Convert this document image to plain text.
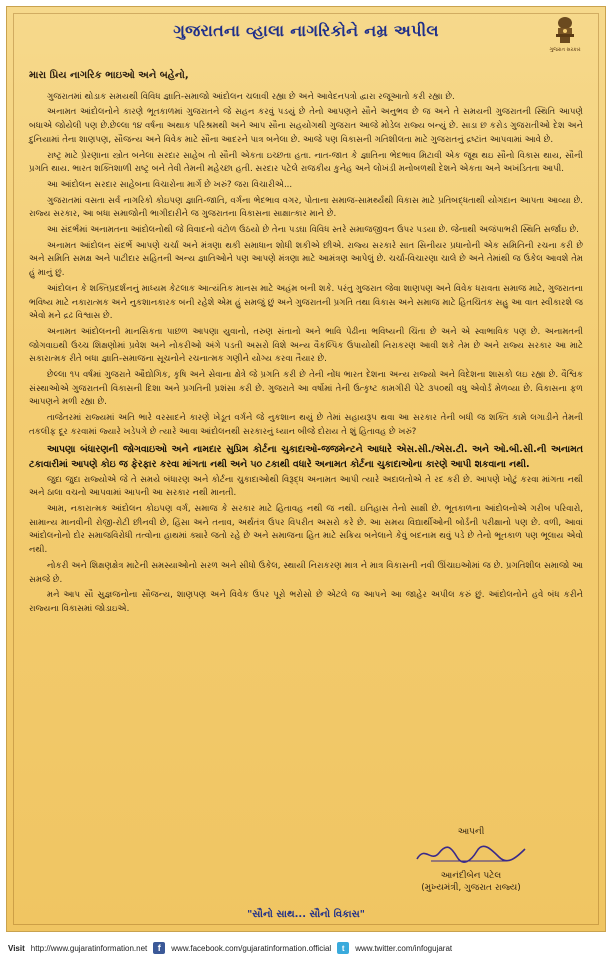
ગુજરાતના વ્હાલા નાગરિકોને નમ્ર અપીલ
ગુજરાત સરકાર
મારા પ્રિય નાગરિક ભાઇઓ અને બહેનો,

ગુજરાતમાં થોડાક સમયથી વિવિધ જ્ઞાતિ-સમાજો આંદોલન ચલાવી રહ્યા છે અને આવેદનપત્રો દ્વારા રજૂઆતો કરી રહ્યા છે.

અનામત આંદોલનોને કારણે ભૂતકાળમાં ગુજરાતને જે સહન કરવું પડયું છે તેનો આપણને સૌને અનુભવ છે જ અને તે સમયની ગુજરાતની સ્થિતિ આપણે બધાએ જોયેલી પણ છે.છેલ્લા ૧૪ વર્ષના અથાક પરિશ્રમથી અને આપ સૌના સહયોગથી ગુજરાત આજે મોડેલ રાજ્ય બન્યું છે. સાડા છ કરોડ ગુજરાતીઓ દેશ અને દુનિયામાં તેના શાણપણ, સૌજન્ય અને વિવેક માટે સૌના આદરને પાત્ર બનેલા છે. આજે પણ વિકાસની ગતિશીલતા માટે ગુજરાતનું દ્રષ્ટાંત આપવામાં આવે છે.

રાષ્ટ્ર માટે પ્રેરણાના સ્ત્રોત બનેલા સરદાર સાહેબ તો સૌની એકતા ઇચ્છતા હતા. નાત-જાત કે જ્ઞાતિના ભેદભાવ મિટાવી એક જૂથ થઇ સૌનો વિકાસ થાય, સૌની પ્રગતિ થાય. ભારત શક્તિશાળી રાષ્ટ્ર બને તેવી તેમની મહેચ્છા હતી. સરદાર પટેલે રાજકીય કુનેહ અને લોખંડી મનોબળથી દેશને એકતા અને અખંડિતતા આપી.

આ આંદોલન સરદાર સાહેબના વિચારોના માર્ગે છે ખરું? જરા વિચારીએ...

ગુજરાતમાં વસતા સર્વ નાગરિકો કોઇપણ જ્ઞાતિ-જાતિ, વર્ગના ભેદભાવ વગર, પોતાના સમાજ-સામર્થ્યથી વિકાસ માટે પ્રતિબદ્ધતાથી યોગદાન આપતા આવ્યા છે. રાજ્ય સરકાર, આ બધા સમાજોની ભાગીદારીને જ ગુજરાતના વિકાસના સાક્ષાત્કાર માને છે.

આ સંદર્ભમાં અનામતના આંદોલનોથી જે વિવાદનો વંટોળ ઉઠયો છે તેના પડઘા વિવિધ સ્તરે સમાજજીવન ઉપર પડયા છે. જેનાથી અજંપાભરી સ્થિતિ સર્જાઇ છે.

અનામત આંદોલન સંદર્ભે આપણે ચર્ચા અને મંત્રણા થકી સમાધાન શોધી શકીએ છીએ. રાજ્ય સરકારે સાત સિનીયર પ્રધાનોની એક સમિતિની રચના કરી છે અને સમિતિ સમક્ષ અને પાટીદાર સહિતની અન્ય જ્ઞાતિઓને પણ આપણે મંત્રણા માટે આમંત્રણ આપેલું છે. ચર્ચા-વિચારણા ચાલે છે અને તેમાંથી જ ઉકેલ આવશે તેમ હું માનું છું.

આંદોલન કે શક્તિપ્રદર્શનનું માધ્યમ કેટલાક આત્યંતિક માનસ માટે અહંમ બની શકે. પરંતુ ગુજરાત જેવા શાણપણ અને વિવેક ધરાવતા સમાજ માટે, ગુજરાતના ભવિષ્ય માટે નકારાત્મક અને નુકશાનકારક બની રહેશે એમ હું સમજું છું અને ગુજરાતની પ્રગતિ તથા વિકાસ અને સમાજ માટે હિતચિંતક સહુ આ વાત સ્વીકારશે જ એવો મને દ્રઢ વિશ્વાસ છે.

અનામત આંદોલનની માનસિકતા પાછળ આપણા યુવાનો, તરુણ સંતાનો અને ભાવિ પેઢીના ભવિષ્યની ચિંતા છે અને એ સ્વાભાવિક પણ છે. અનામતની જોગવાઇથી ઉચ્ચ શિક્ષણોમાં પ્રવેશ અને નોકરીઓ અંગે પડતી અસરો વિશે અન્ય વૈકલ્પિક ઉપાયોથી નિરાકરણ આવી શકે તેમ છે અને રાજ્ય સરકાર આ માટે સકારાત્મક રીતે બધા જ્ઞાતિ-સમાજના સૂચનોને રચનાત્મક ગણીને યોગ્ય કરવા તૈયાર છે.

છેલ્લા ૧૫ વર્ષમાં ગુજરાતે ઔદ્યોગિક, કૃષિ અને સેવાના ક્ષેત્રે જે પ્રગતિ કરી છે તેની નોંધ ભારત દેશના અન્ય રાજ્યો અને વિદેશના શાસકો લઇ રહ્યા છે. વૈશ્વિક સંસ્થાઓએ ગુજરાતની વિકાસની દિશા અને પ્રગતિની પ્રશંસા કરી છે. ગુજરાતે આ વર્ષોમાં તેની ઉત્કૃષ્ટ કામગીરી પેટે ૩૫૦થી વધુ એવોર્ડ મેળવ્યા છે. વિકાસના ફળ આપણને મળી રહ્યા છે.

તાજેતરમાં રાજ્યમાં અતિ ભારે વરસાદને કારણે ખેડૂત વર્ગને જે નુકશાન થયું છે તેમાં સહાયરૂપ થવા આ સરકાર તેની બધી જ શક્તિ કામે લગાડીને તેમની તકલીફ દૂર કરવામાં જ્યારે ખડેપગે છે ત્યારે આવા આંદોલનથી સરકારનું ધ્યાન બીજે દોરાય તે શું હિતાવહ છે ખરું?

આપણા બંધારણની જોગવાઇઓ અને નામદાર સુપ્રિમ કોર્ટના ચુકાદાઓ-જજમેન્ટને આધારે એસ.સી./એસ.ટી. અને ઓ.બી.સી.ની અનામત ટકાવારીમાં આપણે કોઇ જ ફેરફાર કરવા માંગતા નથી અને ૫૦ ટકાથી વધારે અનામત કોર્ટના ચુકાદાઓના કારણે આપી શકવાના નથી.

જુદા જુદા રાજ્યોએ જે તે સમયે બંધારણ અને કોર્ટના ચુકાદાઓથી વિરૂદ્ધ અનામત આપી ત્યારે અદાલતોએ તે રદ કરી છે. આપણે ખોટું કરવા માંગતા નથી અને ઠાલા વચનો આપવામાં આપની આ સરકાર નથી માનતી.

આમ, નકારાત્મક આંદોલન કોઇપણ વર્ગ, સમાજ કે સરકાર માટે હિતાવહ નથી જ નથી. ઇતિહાસ તેનો સાક્ષી છે. ભૂતકાળના આંદોલનોએ ગરીબ પરિવારો, સામાન્ય માનવીની રોજી-રોટી છીનવી છે, હિંસા અને તનાવ, અર્થતંત્ર ઉપર વિપરીત અસરો કરે છે. આ સમય વિદ્યાર્થીઓની બોર્ડની પરીક્ષાનો પણ છે. વળી, આવાં આંદોલનોનો દોર સમાજવિરોધી તત્વોના હાથમાં ક્યારે જતો રહે છે અને સમાજના હિત માટે સક્રિય બનેલાને કેવું બદનામ થવું પડે છે તેનો ભૂતકાળ પણ ભૂલાય એવો નથી.

નોકરી અને શિક્ષણક્ષેત્ર માટેની સમસ્યાઓનો સરળ અને સીધો ઉકેલ, સ્થાયી નિરાકરણ માત્ર ને માત્ર વિકાસની નવી ઊંચાઇઓમાં જ છે. પ્રગતિશીલ સમાજો આ સમજે છે.

મને આપ સૌ સુજ્ઞજનોના સૌજન્ય, શાણપણ અને વિવેક ઉપર પૂરો ભરોસો છે એટલે જ આપને આ જાહેર અપીલ કરું છું. આંદોલનોને હવે બંધ કરીને રાજ્યના વિકાસમાં જોડાઇએ.

આપની
આનંદીબેન પટેલ
(મુખ્યમંત્રી, ગુજરાત રાજ્ય)
"સૌનો સાથ... સૌનો વિકાસ"
Visit http://www.gujaratinformation.net	f	www.facebook.com/gujaratinformation.official	t	www.twitter.com/infogujarat
